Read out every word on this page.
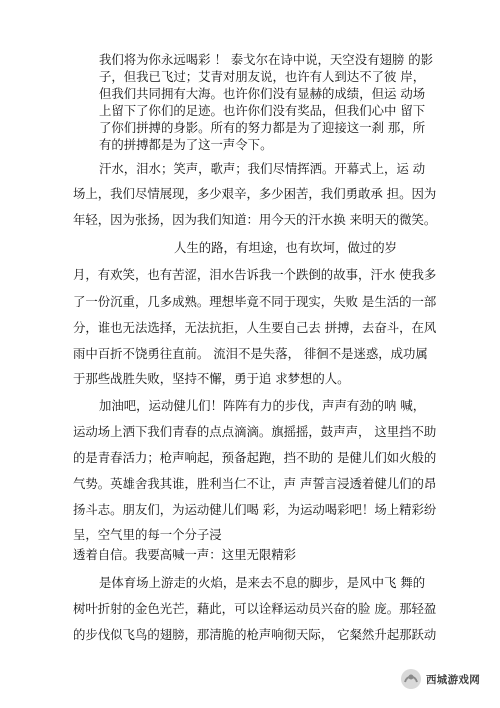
我们将为你永远喝彩 ！ 泰戈尔在诗中说，天空没有翅膀 的影
子，但我已飞过；艾青对朋友说，也许有人到达不了彼 岸，
但我们共同拥有大海。也许你们没有显赫的成绩，但运 动场
上留下了你们的足迹。也许你们没有奖品，但我们心中 留下
了你们拼搏的身影。所有的努力都是为了迎接这一刹 那，所
有的拼搏都是为了这一声令下。
汗水，泪水；笑声，歌声；我们尽情挥洒。开幕式上，运 动
场上，我们尽情展现，多少艰辛，多少困苦，我们勇敢承 担。因为
年轻，因为张扬，因为我们知道：用今天的汗水换 来明天的微笑。
人生的路，有坦途，也有坎坷，做过的岁
月，有欢笑，也有苦涩，泪水告诉我一个跌倒的故事，汗水 使我多
了一份沉重，几多成熟。理想毕竟不同于现实，失败 是生活的一部
分，谁也无法选择，无法抗拒，人生要自己去 拼搏，去奋斗，在风
雨中百折不饶勇往直前。 流泪不是失落， 徘徊不是迷惑，成功属
于那些战胜失败，坚持不懈，勇于追 求梦想的人。
加油吧，运动健儿们！阵阵有力的步伐，声声有劲的呐 喊，
运动场上洒下我们青春的点点滴滴。旗摇摇，鼓声声， 这里挡不助
的是青春活力；枪声响起，预备起跑，挡不助的 是健儿们如火般的
气势。英雄舍我其谁，胜利当仁不让，声 声誓言浸透着健儿们的昂
扬斗志。朋友们，为运动健儿们喝 彩，为运动喝彩吧！场上精彩纷
呈，空气里的每一个分子浸
透着自信。我要高喊一声：这里无限精彩
是体育场上游走的火焰，是来去不息的脚步，是风中飞 舞的
树叶折射的金色光芒，藉此，可以诠释运动员兴奋的脸 庞。那轻盈
的步伐似飞鸟的翅膀，那清脆的枪声响彻天际， 它粲然升起那跃动
西城游戏网
